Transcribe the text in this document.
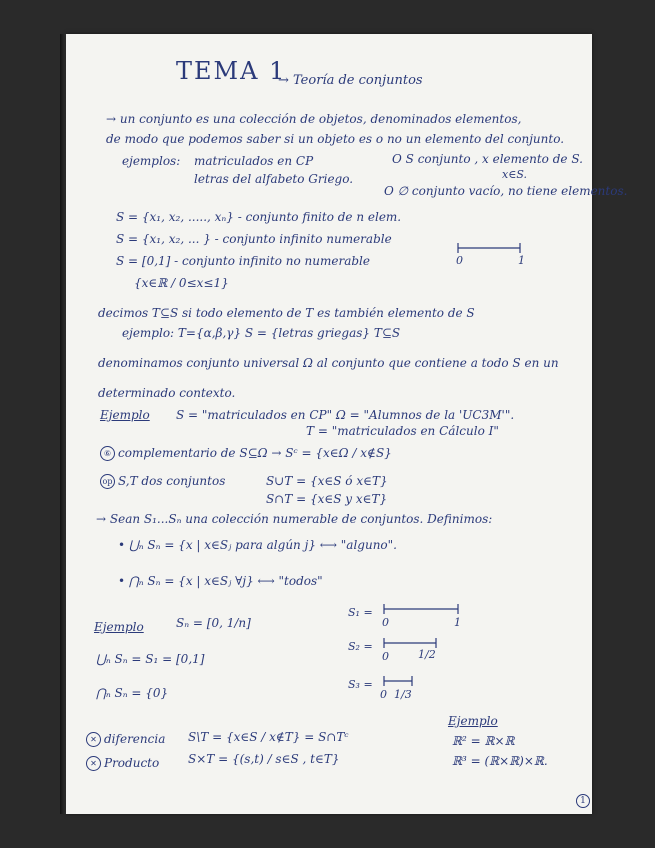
TEMA 1
→ Teoría de conjuntos
→ un conjunto es una colección de objetos, denominados elementos,
de modo que podemos saber si un objeto es o no un elemento del conjunto.
ejemplos: matriculados en CP	O S conjunto , x elemento de S.
x∈S.
letras del alfabeto Griego.
O ∅ conjunto vacío, no tiene elementos.
S = {x₁, x₂, ....., xₙ} - conjunto finito de n elem.
S = {x₁, x₂, ... } - conjunto infinito numerable
S = [0,1] - conjunto infinito no numerable
{x∈ℝ / 0≤x≤1}
0	1
decimos T⊆S si todo elemento de T es también elemento de S
ejemplo: T={α,β,γ} S = {letras griegas} T⊆S
denominamos conjunto universal Ω al conjunto que contiene a todo S en un
determinado contexto.
Ejemplo S = "matriculados en CP" Ω = "Alumnos de la 'UC3M'".
T = "matriculados en Cálculo I"
⑥ complementario de S⊆Ω → Sᶜ = {x∈Ω / x∉S}
op S,T dos conjuntos	S∪T = {x∈S ó x∈T}
S∩T = {x∈S y x∈T}
→ Sean S₁...Sₙ una colección numerable de conjuntos. Definimos:
• ⋃ₙ Sₙ = {x | x∈Sⱼ para algún j} ⟷ "alguno".
• ⋂ₙ Sₙ = {x | x∈Sⱼ ∀j} ⟷ "todos"
Ejemplo	Sₙ = [0, 1/n]
S₁ =
0	1
S₂ =
0	1/2
S₃ =
0 1/3
⋃ₙ Sₙ = S₁ = [0,1]
⋂ₙ Sₙ = {0}
✕ diferencia S\T = {x∈S / x∉T} = S∩Tᶜ
✕ Producto S×T = {(s,t) / s∈S , t∈T}
Ejemplo
ℝ² = ℝ×ℝ
ℝ³ = (ℝ×ℝ)×ℝ.
1
